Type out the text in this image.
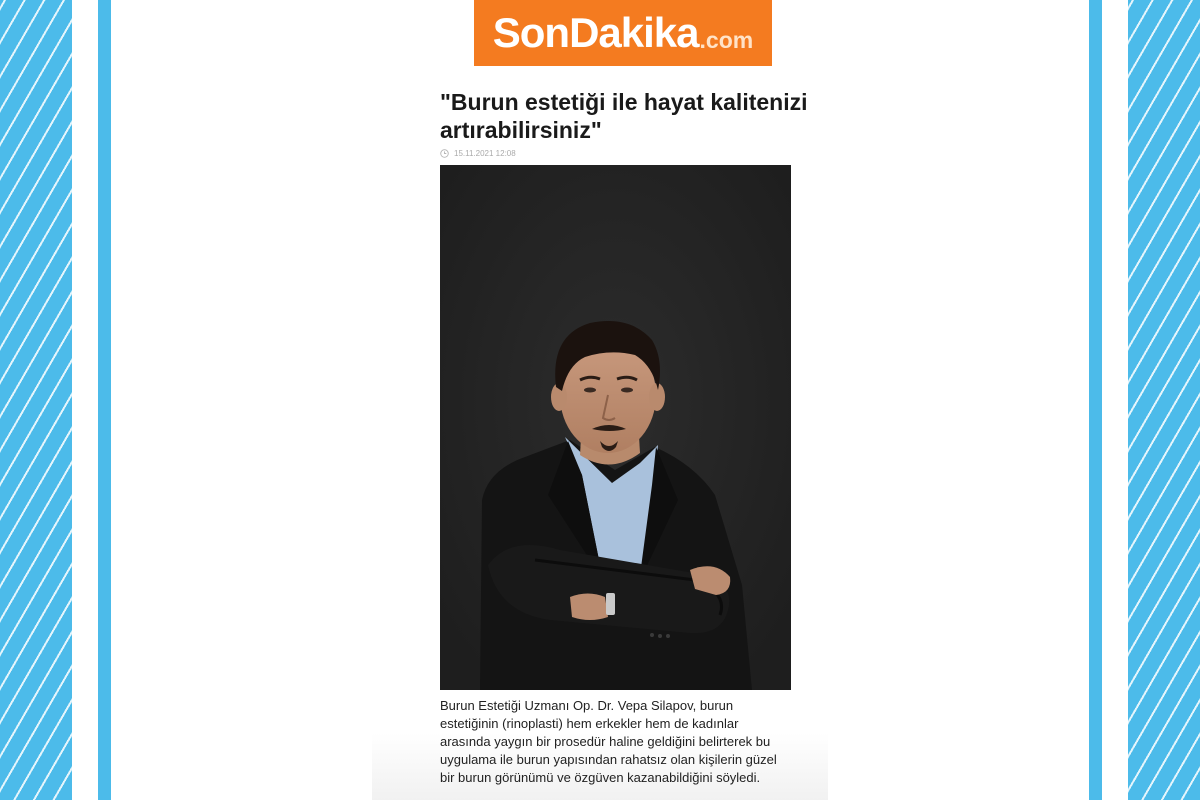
SonDakika .com
"Burun estetiği ile hayat kalitenizi artırabilirsiniz"
15.11.2021 12:08

Burun Estetiği Uzmanı Op. Dr. Vepa Silapov, burun
estetiğinin (rinoplasti) hem erkekler hem de kadınlar
arasında yaygın bir prosedür haline geldiğini belirterek bu
uygulama ile burun yapısından rahatsız olan kişilerin güzel
bir burun görünümü ve özgüven kazanabildiğini söyledi.
